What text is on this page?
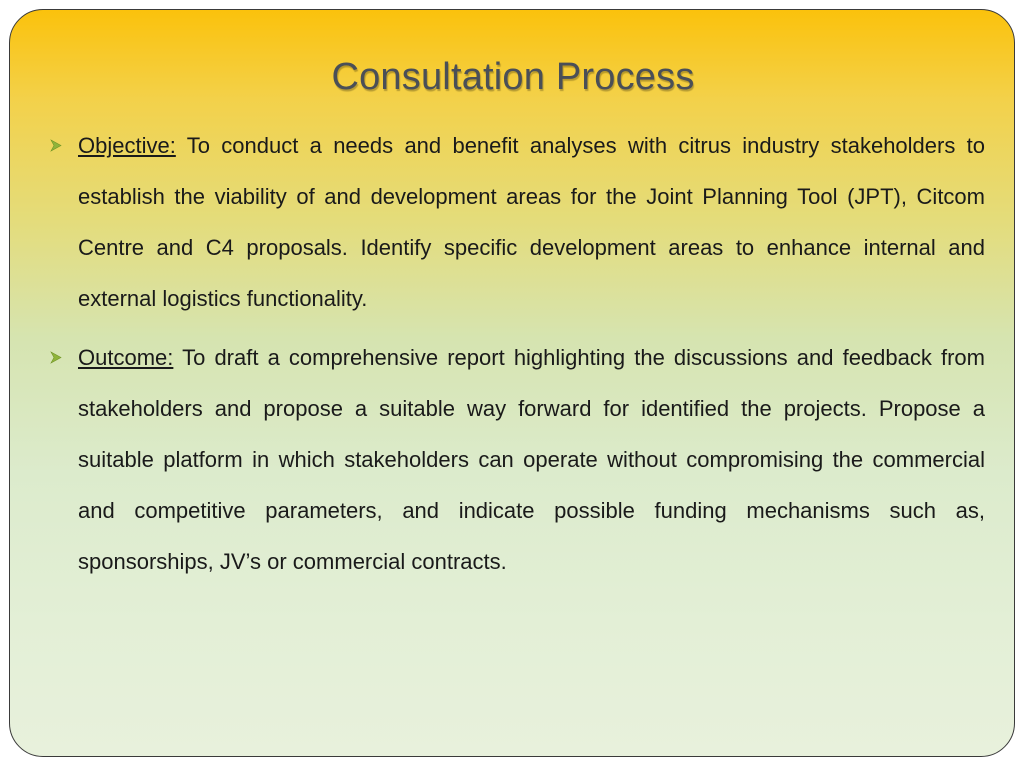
Consultation Process
Objective: To conduct a needs and benefit analyses with citrus industry stakeholders to establish the viability of and development areas for the Joint Planning Tool (JPT), Citcom Centre and C4 proposals. Identify specific development areas to enhance internal and external logistics functionality.
Outcome: To draft a comprehensive report highlighting the discussions and feedback from stakeholders and propose a suitable way forward for identified the projects. Propose a suitable platform in which stakeholders can operate without compromising the commercial and competitive parameters, and indicate possible funding mechanisms such as, sponsorships, JV’s or commercial contracts.
